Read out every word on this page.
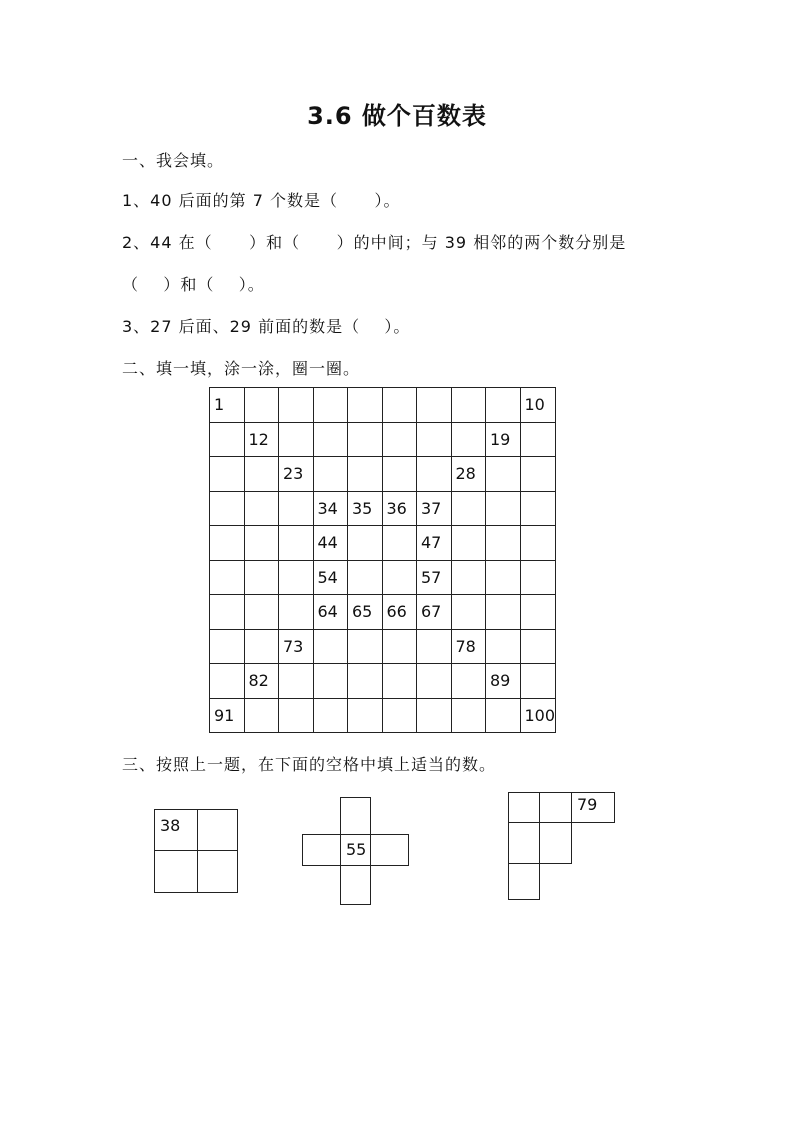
3.6 做个百数表
一、我会填。
1、40 后面的第 7 个数是（      ）。
2、44 在（      ）和（      ）的中间；与 39 相邻的两个数分别是
（    ）和（    ）。
3、27 后面、29 前面的数是（    ）。
二、填一填，涂一涂，圈一圈。
1									10
	12							19	
		23					28		
			34	35	36	37			
			44			47			
			54			57			
			64	65	66	67			
		73					78		
	82							89	
91									100
三、按照上一题，在下面的空格中填上适当的数。
38
55
79
